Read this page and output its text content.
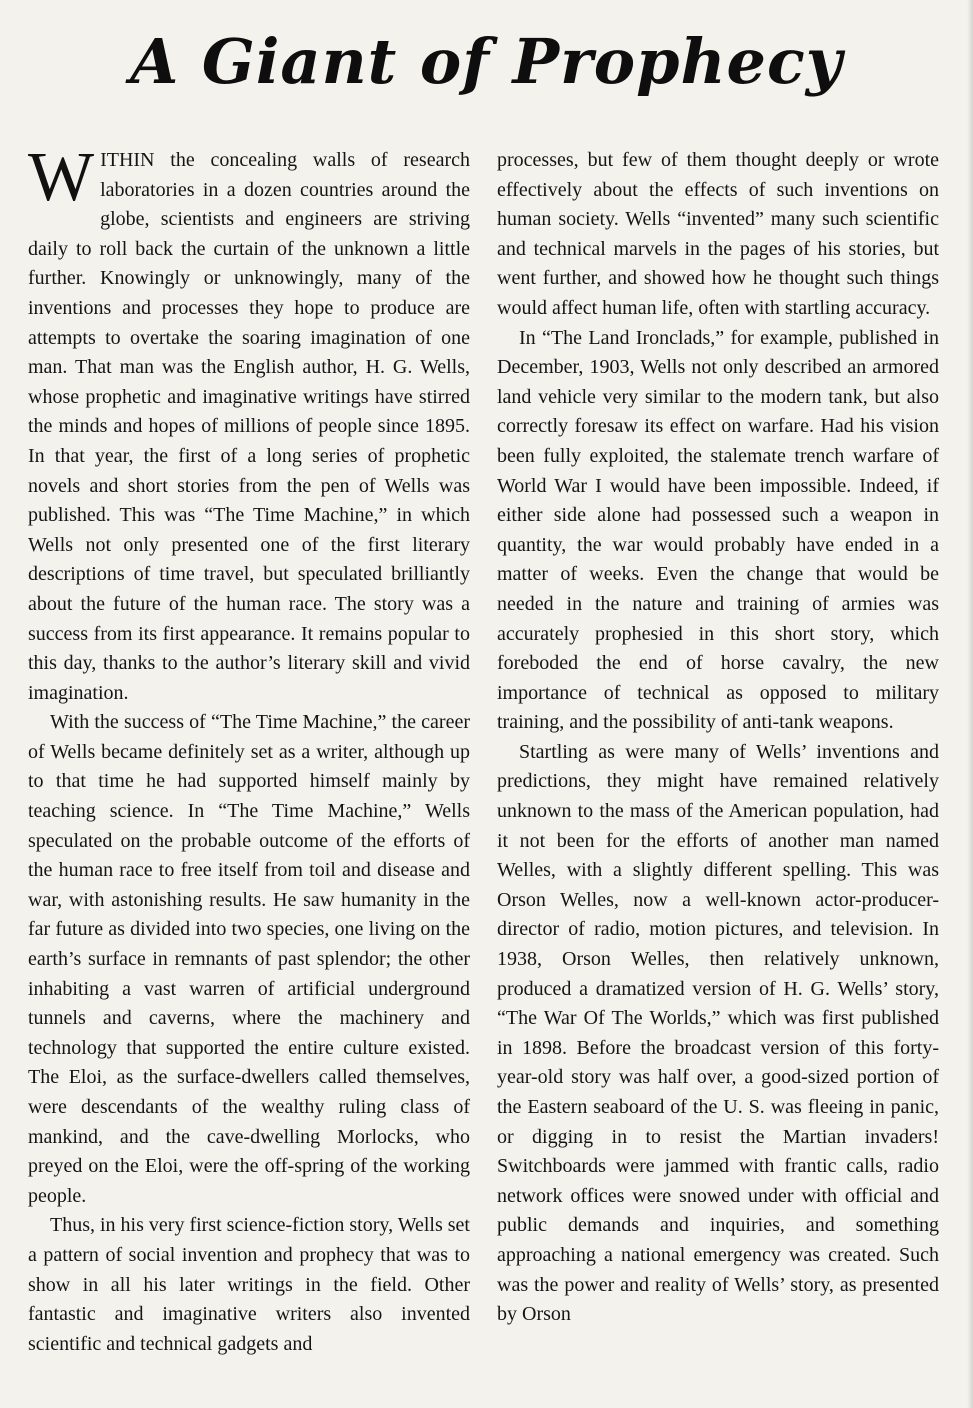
A Giant of Prophecy

WITHIN the concealing walls of research laboratories in a dozen countries around the globe, scientists and engineers are striving daily to roll back the curtain of the unknown a little further. Knowingly or unknowingly, many of the inventions and processes they hope to produce are attempts to overtake the soaring imagination of one man. That man was the English author, H. G. Wells, whose prophetic and imaginative writings have stirred the minds and hopes of millions of people since 1895. In that year, the first of a long series of prophetic novels and short stories from the pen of Wells was published. This was “The Time Machine,” in which Wells not only presented one of the first literary descriptions of time travel, but speculated brilliantly about the future of the human race. The story was a success from its first appearance. It remains popular to this day, thanks to the author’s literary skill and vivid imagination.

With the success of “The Time Machine,” the career of Wells became definitely set as a writer, although up to that time he had supported himself mainly by teaching science. In “The Time Machine,” Wells speculated on the probable outcome of the efforts of the human race to free itself from toil and disease and war, with astonishing results. He saw humanity in the far future as divided into two species, one living on the earth’s surface in remnants of past splendor; the other inhabiting a vast warren of artificial underground tunnels and caverns, where the machinery and technology that supported the entire culture existed. The Eloi, as the surface-dwellers called themselves, were descendants of the wealthy ruling class of mankind, and the cave-dwelling Morlocks, who preyed on the Eloi, were the off-spring of the working people.

Thus, in his very first science-fiction story, Wells set a pattern of social invention and prophecy that was to show in all his later writings in the field. Other fantastic and imaginative writers also invented scientific and technical gadgets and

processes, but few of them thought deeply or wrote effectively about the effects of such inventions on human society. Wells “invented” many such scientific and technical marvels in the pages of his stories, but went further, and showed how he thought such things would affect human life, often with startling accuracy.

In “The Land Ironclads,” for example, published in December, 1903, Wells not only described an armored land vehicle very similar to the modern tank, but also correctly foresaw its effect on warfare. Had his vision been fully exploited, the stalemate trench warfare of World War I would have been impossible. Indeed, if either side alone had possessed such a weapon in quantity, the war would probably have ended in a matter of weeks. Even the change that would be needed in the nature and training of armies was accurately prophesied in this short story, which foreboded the end of horse cavalry, the new importance of technical as opposed to military training, and the possibility of anti-tank weapons.

Startling as were many of Wells’ inventions and predictions, they might have remained relatively unknown to the mass of the American population, had it not been for the efforts of another man named Welles, with a slightly different spelling. This was Orson Welles, now a well-known actor-producer-director of radio, motion pictures, and television. In 1938, Orson Welles, then relatively unknown, produced a dramatized version of H. G. Wells’ story, “The War Of The Worlds,” which was first published in 1898. Before the broadcast version of this forty-year-old story was half over, a good-sized portion of the Eastern seaboard of the U. S. was fleeing in panic, or digging in to resist the Martian invaders! Switchboards were jammed with frantic calls, radio network offices were snowed under with official and public demands and inquiries, and something approaching a national emergency was created. Such was the power and reality of Wells’ story, as presented by Orson
